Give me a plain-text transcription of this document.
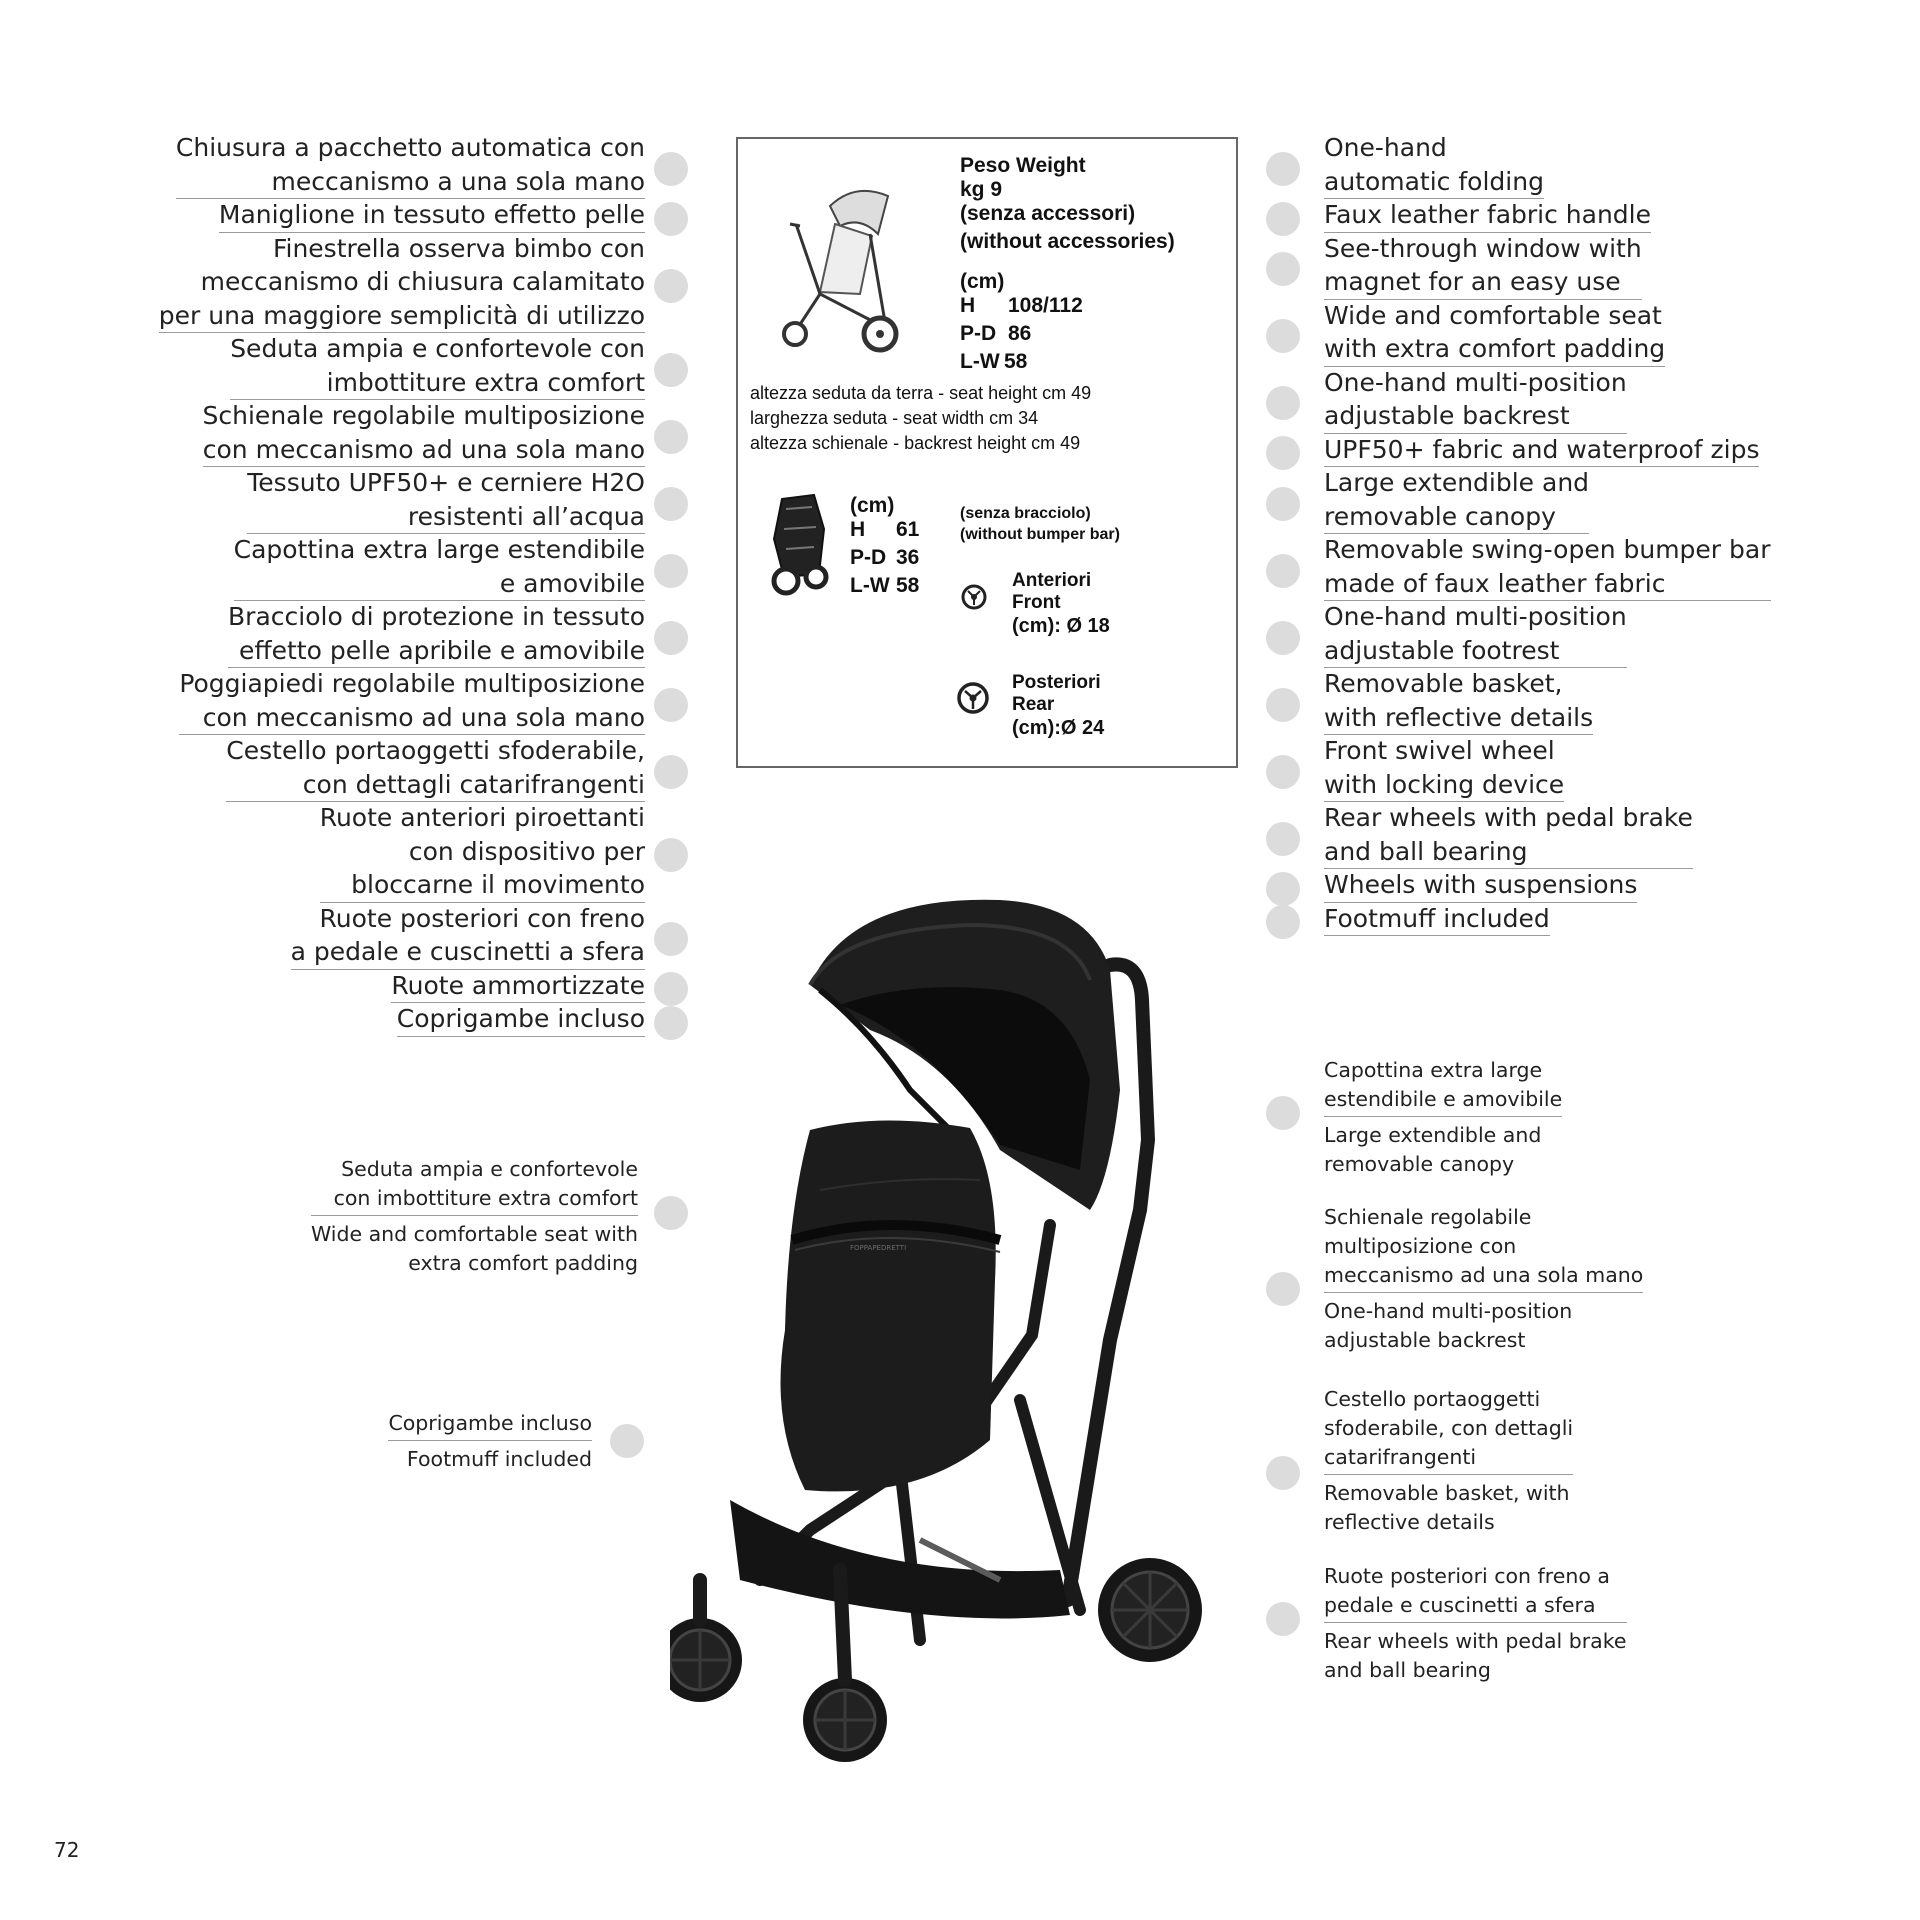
Chiusura a pacchetto automatica con
meccanismo a una sola mano
Maniglione in tessuto effetto pelle
Finestrella osserva bimbo con
meccanismo di chiusura calamitato
per una maggiore semplicità di utilizzo
Seduta ampia e confortevole con
imbottiture extra comfort
Schienale regolabile multiposizione
con meccanismo ad una sola mano
Tessuto UPF50+ e cerniere H2O
resistenti all’acqua
Capottina extra large estendibile
e amovibile
Bracciolo di protezione in tessuto
effetto pelle apribile e amovibile
Poggiapiedi regolabile multiposizione
con meccanismo ad una sola mano
Cestello portaoggetti sfoderabile,
con dettagli catarifrangenti
Ruote anteriori piroettanti
con dispositivo per
bloccarne il movimento
Ruote posteriori con freno
a pedale e cuscinetti a sfera
Ruote ammortizzate
Coprigambe incluso
One-hand
automatic folding
Faux leather fabric handle
See-through window with
magnet for an easy use
Wide and comfortable seat
with extra comfort padding
One-hand multi-position
adjustable backrest
UPF50+ fabric and waterproof zips
Large extendible and
removable canopy
Removable swing-open bumper bar
made of faux leather fabric
One-hand multi-position
adjustable footrest
Removable basket,
with reflective details
Front swivel wheel
with locking device
Rear wheels with pedal brake
and ball bearing
Wheels with suspensions
Footmuff included
Peso Weight
kg 9
(senza accessori)
(without accessories)
(cm)
H 108/112
P-D 86
L-W 58
altezza seduta da terra - seat height cm 49
larghezza seduta - seat width cm 34
altezza schienale - backrest height cm 49
(cm)
H 61
P-D 36
L-W 58
(senza bracciolo)
(without bumper bar)
Anteriori
Front
(cm): Ø 18
Posteriori
Rear
(cm):Ø 24
FOPPAPEDRETTI
Seduta ampia e confortevole
con imbottiture extra comfort
Wide and comfortable seat with
extra comfort padding
Coprigambe incluso
Footmuff included
Capottina extra large
estendibile e amovibile
Large extendible and
removable canopy
Schienale regolabile
multiposizione con
meccanismo ad una sola mano
One-hand multi-position
adjustable backrest
Cestello portaoggetti
sfoderabile, con dettagli
catarifrangenti
Removable basket, with
reflective details
Ruote posteriori con freno a
pedale e cuscinetti a sfera
Rear wheels with pedal brake
and ball bearing
72
